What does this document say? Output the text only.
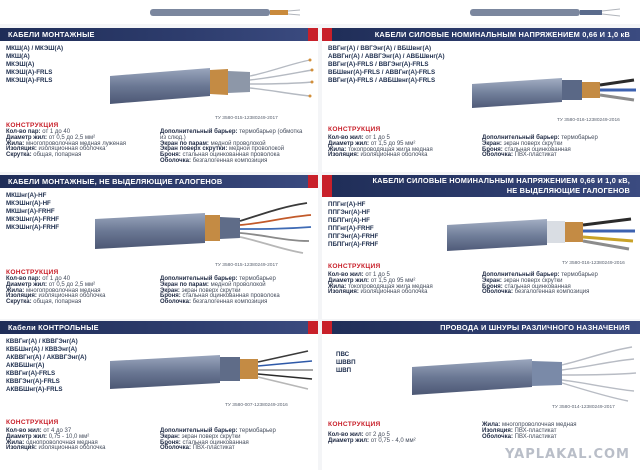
КАБЕЛИ МОНТАЖНЫЕ
МКШ(А) / МКЭШ(А)
МКШ(А)
МКЭШ(А)
МКЭШ(А)-FRLS
МКЭШ(А)-FRLS
ТУ 3580-015-12380249-2017
КОНСТРУКЦИЯ
Кол-во пар: от 1 до 40
Диаметр жил: от 0,5 до 2,5 мм²
Жила: многопроволочная медная луженая
Изоляция: изоляционная оболочка
Скрутка: общая, попарная
Дополнительный барьер: термобарьер (обмотка из слюд.)
Экран по парам: медной проволокой
Экран поверх скрутки: медной проволокой
Броня: стальная оцинкованная проволока
Оболочка: безгалогенная композиция
КАБЕЛИ СИЛОВЫЕ НОМИНАЛЬНЫМ НАПРЯЖЕНИЕМ 0,66 И 1,0 кВ
ВВГнг(А) / ВВГЭнг(А) / ВБШвнг(А)
АВВГнг(А) / АВВГЭнг(А) / АВБШвнг(А)
ВВГнг(А)-FRLS / ВВГЭнг(А)-FRLS
ВБШвнг(А)-FRLS / АВВГнг(А)-FRLS
ВВГнг(А)-FRLS / АВБШвнг(А)-FRLS
ТУ 3580-016-12380249-2016
КОНСТРУКЦИЯ
Кол-во жил: от 1 до 5
Диаметр жил: от 1,5 до 95 мм²
Жила: токопроводящая жила медная
Изоляция: изоляционная оболочка
Дополнительный барьер: термобарьер
Экран: экран поверх скрутки
Броня: стальная оцинкованная
Оболочка: ПВХ-пластикат
КАБЕЛИ МОНТАЖНЫЕ, НЕ ВЫДЕЛЯЮЩИЕ ГАЛОГЕНОВ
МКШнг(А)-HF
МКЭШнг(А)-HF
МКШнг(А)-FRHF
МКЭШнг(А)-FRHF
МКЭШнг(А)-FRHF
ТУ 3580-015-12380249-2017
КОНСТРУКЦИЯ
Кол-во пар: от 1 до 40
Диаметр жил: от 0,5 до 2,5 мм²
Жила: многопроволочная медная
Изоляция: изоляционная оболочка
Скрутка: общая, попарная
Дополнительный барьер: термобарьер
Экран по парам: медной проволокой
Экран: экран поверх скрутки
Броня: стальная оцинкованная проволока
Оболочка: безгалогенная композиция
КАБЕЛИ СИЛОВЫЕ НОМИНАЛЬНЫМ НАПРЯЖЕНИЕМ 0,66 И 1,0 кВ,
НЕ ВЫДЕЛЯЮЩИЕ ГАЛОГЕНОВ
ППГнг(А)-HF
ППГЭнг(А)-HF
ПБПГнг(А)-HF
ППГнг(А)-FRHF
ППГЭнг(А)-FRHF
ПБПГнг(А)-FRHF
ТУ 3580-016-12380249-2016
КОНСТРУКЦИЯ
Кол-во жил: от 1 до 5
Диаметр жил: от 1,5 до 95 мм²
Жила: токопроводящая жила медная
Изоляция: изоляционная оболочка
Дополнительный барьер: термобарьер
Экран: экран поверх скрутки
Броня: стальная оцинкованная
Оболочка: безгалогенная композиция
Кабели КОНТРОЛЬНЫЕ
КВВГнг(А) / КВВГЭнг(А)
КВБШнг(А) / КВВЭнг(А)
АКВВГнг(А) / АКВВГЭнг(А)
АКВБШнг(А)
КВВГнг(А)-FRLS
КВВГЭнг(А)-FRLS
АКВБШнг(А)-FRLS
ТУ 3580-007-12380249-2016
КОНСТРУКЦИЯ
Кол-во жил: от 4 до 37
Диаметр жил: 0,75 - 10,0 мм²
Жила: однопроволочная медная
Изоляция: изоляционная оболочка
Дополнительный барьер: термобарьер
Экран: экран поверх скрутки
Броня: стальная оцинкованная
Оболочка: ПВХ-пластикат
ПРОВОДА И ШНУРЫ РАЗЛИЧНОГО НАЗНАЧЕНИЯ
ПВС
ШВВП
ШВП
ТУ 3580-014-12380249-2017
КОНСТРУКЦИЯ
Кол-во жил: от 2 до 5
Диаметр жил: от 0,75 - 4,0 мм²
Жила: многопроволочная медная
Изоляция: ПВХ-пластикат
Оболочка: ПВХ-пластикат
YAPLAKAL.COM
